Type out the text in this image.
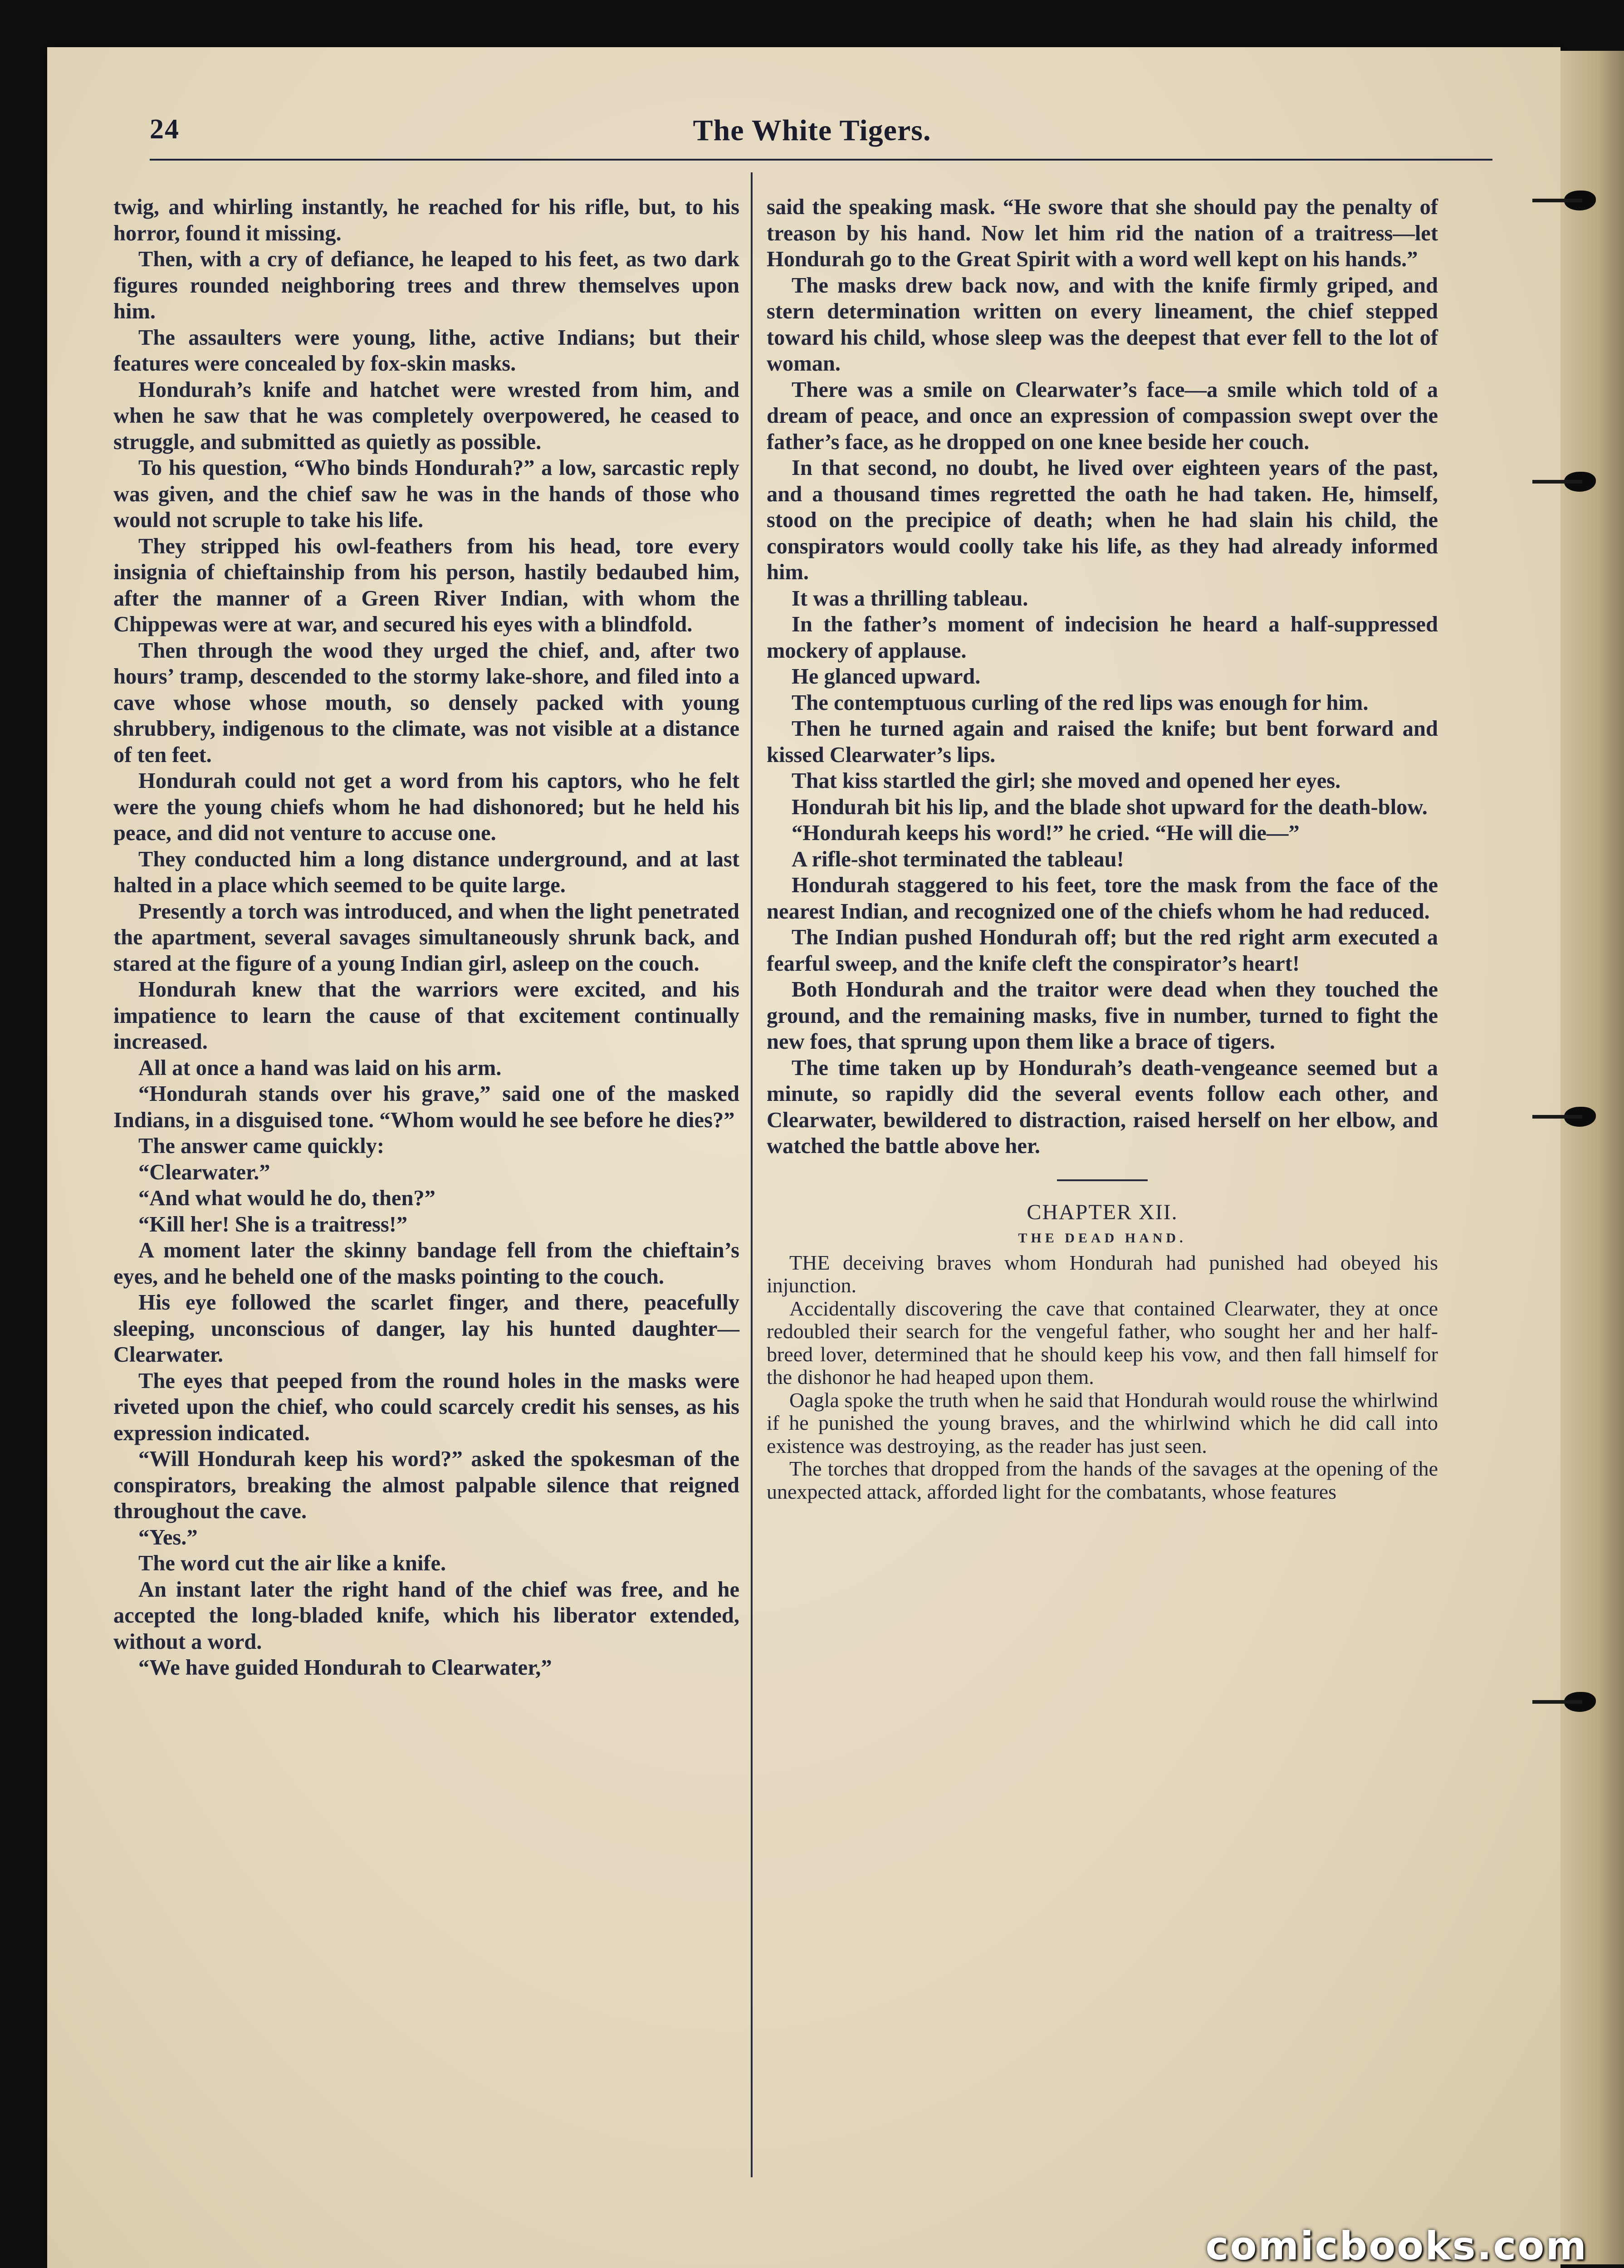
24	The White Tigers.

twig, and whirling instantly, he reached for his rifle, but, to his horror, found it missing.

Then, with a cry of defiance, he leaped to his feet, as two dark figures rounded neighboring trees and threw themselves upon him.

The assaulters were young, lithe, active Indians; but their features were concealed by fox-skin masks.

Hondurah’s knife and hatchet were wrested from him, and when he saw that he was completely overpowered, he ceased to struggle, and submitted as quietly as possible.

To his question, “Who binds Hondurah?” a low, sarcastic reply was given, and the chief saw he was in the hands of those who would not scruple to take his life.

They stripped his owl-feathers from his head, tore every insignia of chieftainship from his person, hastily bedaubed him, after the manner of a Green River Indian, with whom the Chippewas were at war, and secured his eyes with a blindfold.

Then through the wood they urged the chief, and, after two hours’ tramp, descended to the stormy lake-shore, and filed into a cave whose whose mouth, so densely packed with young shrubbery, indigenous to the climate, was not visible at a distance of ten feet.

Hondurah could not get a word from his captors, who he felt were the young chiefs whom he had dishonored; but he held his peace, and did not venture to accuse one.

They conducted him a long distance underground, and at last halted in a place which seemed to be quite large.

Presently a torch was introduced, and when the light penetrated the apartment, several savages simultaneously shrunk back, and stared at the figure of a young Indian girl, asleep on the couch.

Hondurah knew that the warriors were excited, and his impatience to learn the cause of that excitement continually increased.

All at once a hand was laid on his arm.

“Hondurah stands over his grave,” said one of the masked Indians, in a disguised tone. “Whom would he see before he dies?”

The answer came quickly:

“Clearwater.”

“And what would he do, then?”

“Kill her! She is a traitress!”

A moment later the skinny bandage fell from the chieftain’s eyes, and he beheld one of the masks pointing to the couch.

His eye followed the scarlet finger, and there, peacefully sleeping, unconscious of danger, lay his hunted daughter—Clearwater.

The eyes that peeped from the round holes in the masks were riveted upon the chief, who could scarcely credit his senses, as his expression indicated.

“Will Hondurah keep his word?” asked the spokesman of the conspirators, breaking the almost palpable silence that reigned throughout the cave.

“Yes.”

The word cut the air like a knife.

An instant later the right hand of the chief was free, and he accepted the long-bladed knife, which his liberator extended, without a word.

“We have guided Hondurah to Clearwater,”

said the speaking mask. “He swore that she should pay the penalty of treason by his hand. Now let him rid the nation of a traitress—let Hondurah go to the Great Spirit with a word well kept on his hands.”

The masks drew back now, and with the knife firmly griped, and stern determination written on every lineament, the chief stepped toward his child, whose sleep was the deepest that ever fell to the lot of woman.

There was a smile on Clearwater’s face—a smile which told of a dream of peace, and once an expression of compassion swept over the father’s face, as he dropped on one knee beside her couch.

In that second, no doubt, he lived over eighteen years of the past, and a thousand times regretted the oath he had taken. He, himself, stood on the precipice of death; when he had slain his child, the conspirators would coolly take his life, as they had already informed him.

It was a thrilling tableau.

In the father’s moment of indecision he heard a half-suppressed mockery of applause.

He glanced upward.

The contemptuous curling of the red lips was enough for him.

Then he turned again and raised the knife; but bent forward and kissed Clearwater’s lips.

That kiss startled the girl; she moved and opened her eyes.

Hondurah bit his lip, and the blade shot upward for the death-blow.

“Hondurah keeps his word!” he cried. “He will die—”

A rifle-shot terminated the tableau!

Hondurah staggered to his feet, tore the mask from the face of the nearest Indian, and recognized one of the chiefs whom he had reduced.

The Indian pushed Hondurah off; but the red right arm executed a fearful sweep, and the knife cleft the conspirator’s heart!

Both Hondurah and the traitor were dead when they touched the ground, and the remaining masks, five in number, turned to fight the new foes, that sprung upon them like a brace of tigers.

The time taken up by Hondurah’s death-vengeance seemed but a minute, so rapidly did the several events follow each other, and Clearwater, bewildered to distraction, raised herself on her elbow, and watched the battle above her.

CHAPTER XII.

THE DEAD HAND.

THE deceiving braves whom Hondurah had punished had obeyed his injunction.

Accidentally discovering the cave that contained Clearwater, they at once redoubled their search for the vengeful father, who sought her and her half-breed lover, determined that he should keep his vow, and then fall himself for the dishonor he had heaped upon them.

Oagla spoke the truth when he said that Hondurah would rouse the whirlwind if he punished the young braves, and the whirlwind which he did call into existence was destroying, as the reader has just seen.

The torches that dropped from the hands of the savages at the opening of the unexpected attack, afforded light for the combatants, whose features

comicbooks.com
